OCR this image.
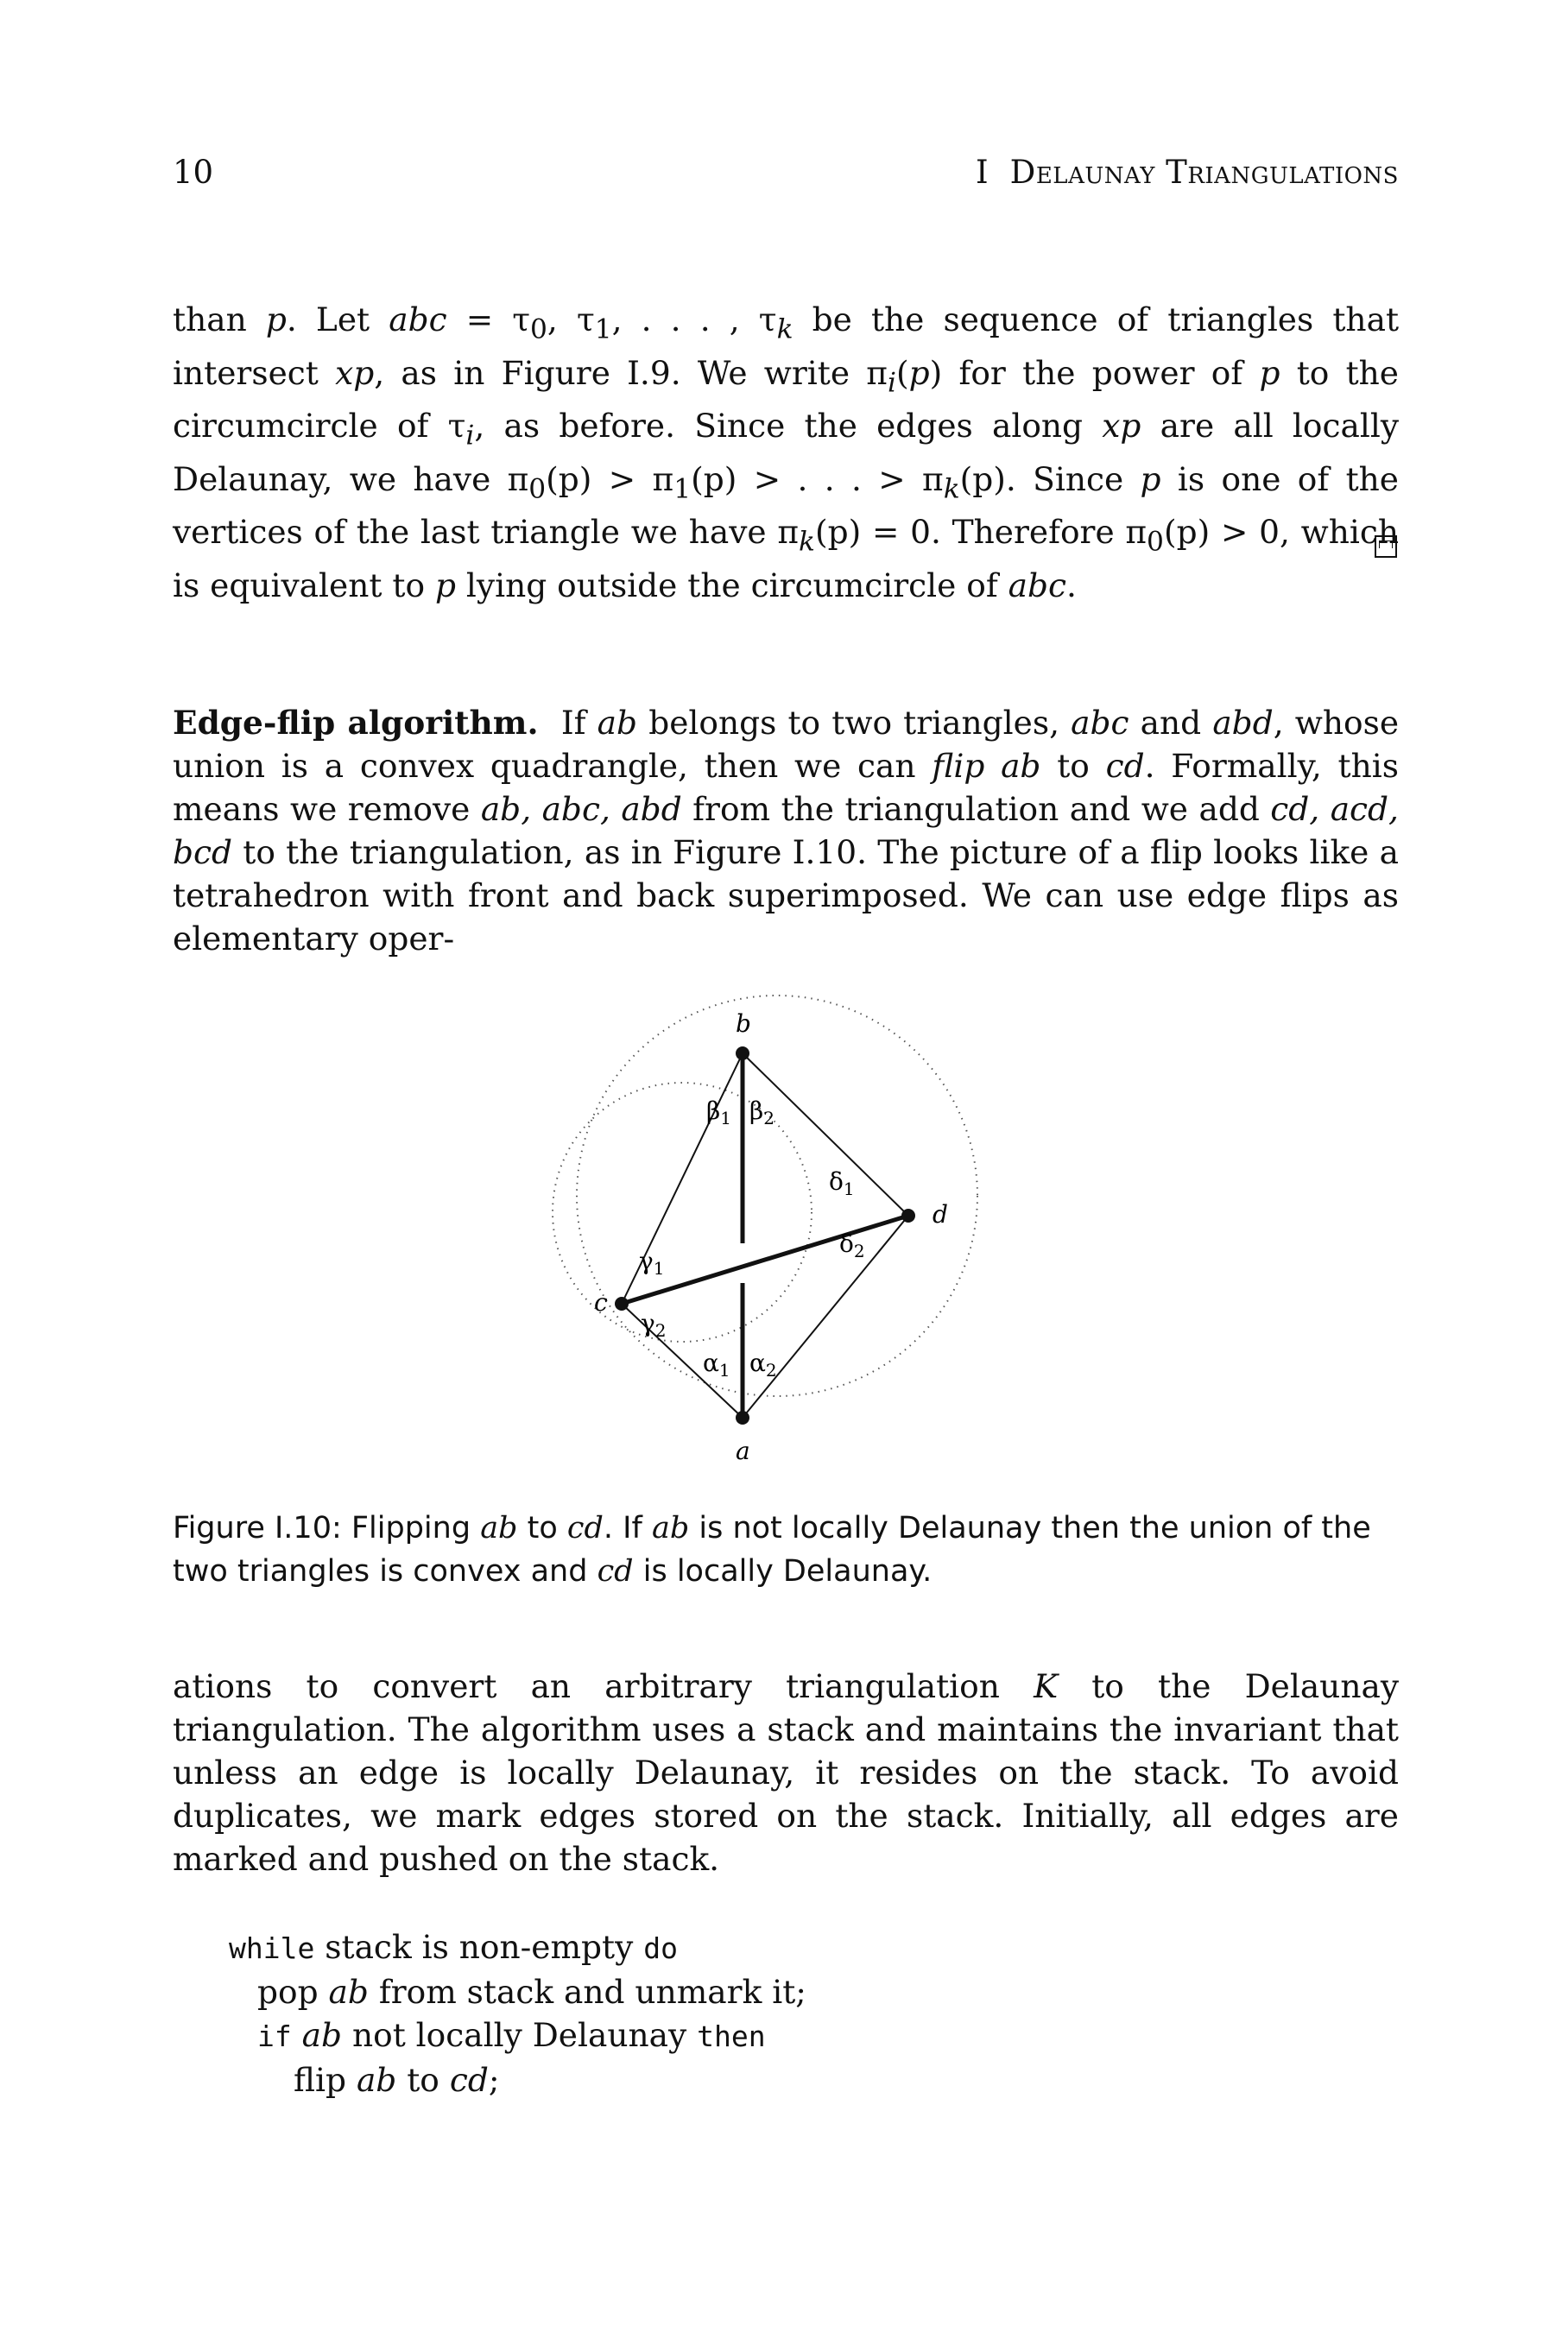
10	I Delaunay Triangulations
than p. Let abc = $\tau_0$, $\tau_1$, . . . , $\tau_k$ be the sequence of triangles that intersect xp, as in Figure I.9. We write $\pi_i(p)$ for the power of p to the circumcircle of $\tau_i$, as before. Since the edges along xp are all locally Delaunay, we have $\pi_0(p) > \pi_1(p)$ > . . . > $\pi_k(p)$. Since p is one of the vertices of the last triangle we have $\pi_k(p) = 0$. Therefore $\pi_0(p) > 0$, which is equivalent to p lying outside the circumcircle of abc.
Edge-flip algorithm. If ab belongs to two triangles, abc and abd, whose union is a convex quadrangle, then we can flip ab to cd. Formally, this means we remove ab, abc, abd from the triangulation and we add cd, acd, bcd to the triangulation, as in Figure I.10. The picture of a flip looks like a tetrahedron with front and back superimposed. We can use edge flips as elementary oper-
b
c
d
a
$\beta_1$ $\beta_2$
$\delta_1$
$\delta_2$
$\gamma_1$
$\gamma_2$
$\alpha_1$ $\alpha_2$
Figure I.10: Flipping ab to cd. If ab is not locally Delaunay then the union of the two triangles is convex and cd is locally Delaunay.
ations to convert an arbitrary triangulation K to the Delaunay triangulation. The algorithm uses a stack and maintains the invariant that unless an edge is locally Delaunay, it resides on the stack. To avoid duplicates, we mark edges stored on the stack. Initially, all edges are marked and pushed on the stack.
while stack is non-empty do
pop ab from stack and unmark it;
if ab not locally Delaunay then
flip ab to cd;
